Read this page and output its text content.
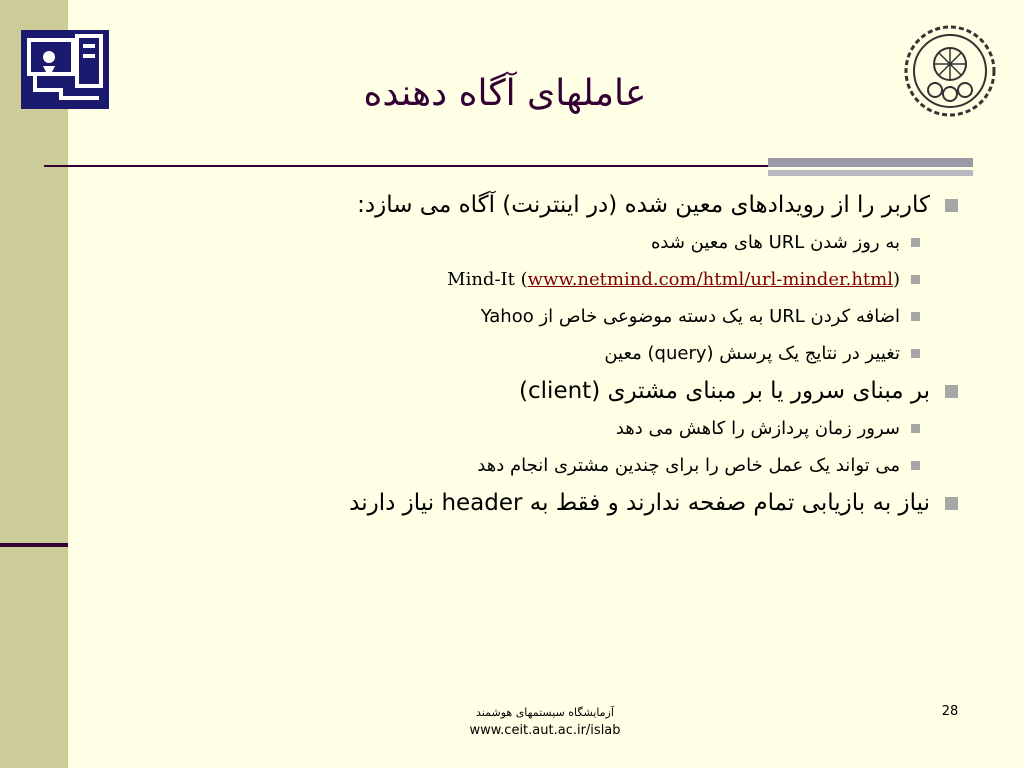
عاملهای آگاه دهنده
کاربر را از رویدادهای معین شده (در اینترنت) آگاه می سازد:
به روز شدن URL های معین شده
Mind-It (www.netmind.com/html/url-minder.html)
اضافه کردن URL به یک دسته موضوعی خاص از Yahoo
تغییر در نتایج یک پرسش (query) معین
بر مبنای سرور یا بر مبنای مشتری (client)
سرور زمان پردازش را کاهش می دهد
می تواند یک عمل خاص را برای چندین مشتری انجام دهد
نیاز به بازیابی تمام صفحه ندارند و فقط به header نیاز دارند
آزمایشگاه سیستمهای هوشمند
www.ceit.aut.ac.ir/islab
28
